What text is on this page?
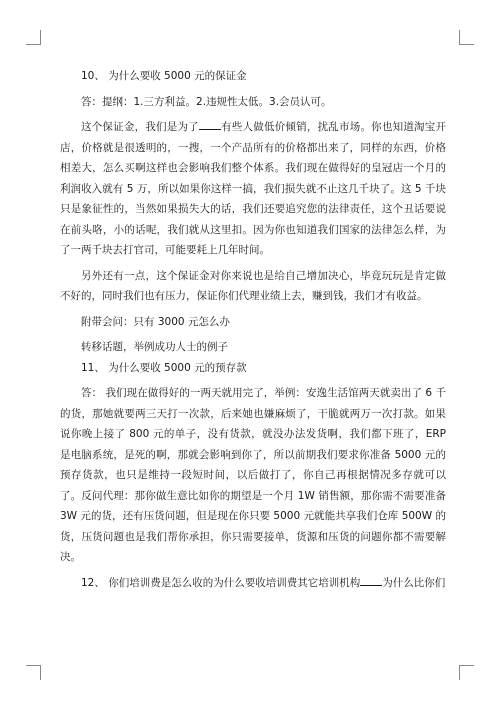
10、 为什么要收 5000 元的保证金

答：提纲：1.三方利益。2.违规性太低。3.会员认可。

这个保证金，我们是为了 有些人做低价倾销，扰乱市场。你也知道淘宝开店，价格就是很透明的，一搜，一个产品所有的价格都出来了，同样的东西，价格相差大，怎么买啊这样也会影响我们整个体系。我们现在做得好的皇冠店一个月的利润收入就有 5 万，所以如果你这样一搞，我们损失就不止这几千块了。这 5 千块只是象征性的，当然如果损失大的话，我们还要追究您的法律责任，这个丑话要说在前头咯，小的话呢，我们就从这里扣。因为你也知道我们国家的法律怎么样，为了一两千块去打官司，可能要耗上几年时间。

另外还有一点，这个保证金对你来说也是给自己增加决心，毕竟玩玩是肯定做不好的，同时我们也有压力，保证你们代理业绩上去，赚到钱，我们才有收益。

附带会问：只有 3000 元怎么办

转移话题，举例成功人士的例子

11、 为什么要收 5000 元的预存款

答： 我们现在做得好的一两天就用完了，举例：安逸生活馆两天就卖出了 6 千的货，那她就要两三天打一次款，后来她也嫌麻烦了，干脆就两万一次打款。如果说你晚上接了 800 元的单子，没有货款，就没办法发货啊，我们都下班了，ERP 是电脑系统，是死的啊，那就会影响到你了，所以前期我们要求你准备 5000 元的预存货款，也只是维持一段短时间，以后做打了，你自己再根据情况多存就可以了。反问代理：那你做生意比如你的期望是一个月 1W 销售额，那你需不需要准备 3W 元的货，还有压货问题，但是现在你只要 5000 元就能共享我们仓库 500W 的货，压货问题也是我们帮你承担，你只需要接单，货源和压货的问题你都不需要解决。

12、 你们培训费是怎么收的为什么要收培训费其它培训机构 为什么比你们
